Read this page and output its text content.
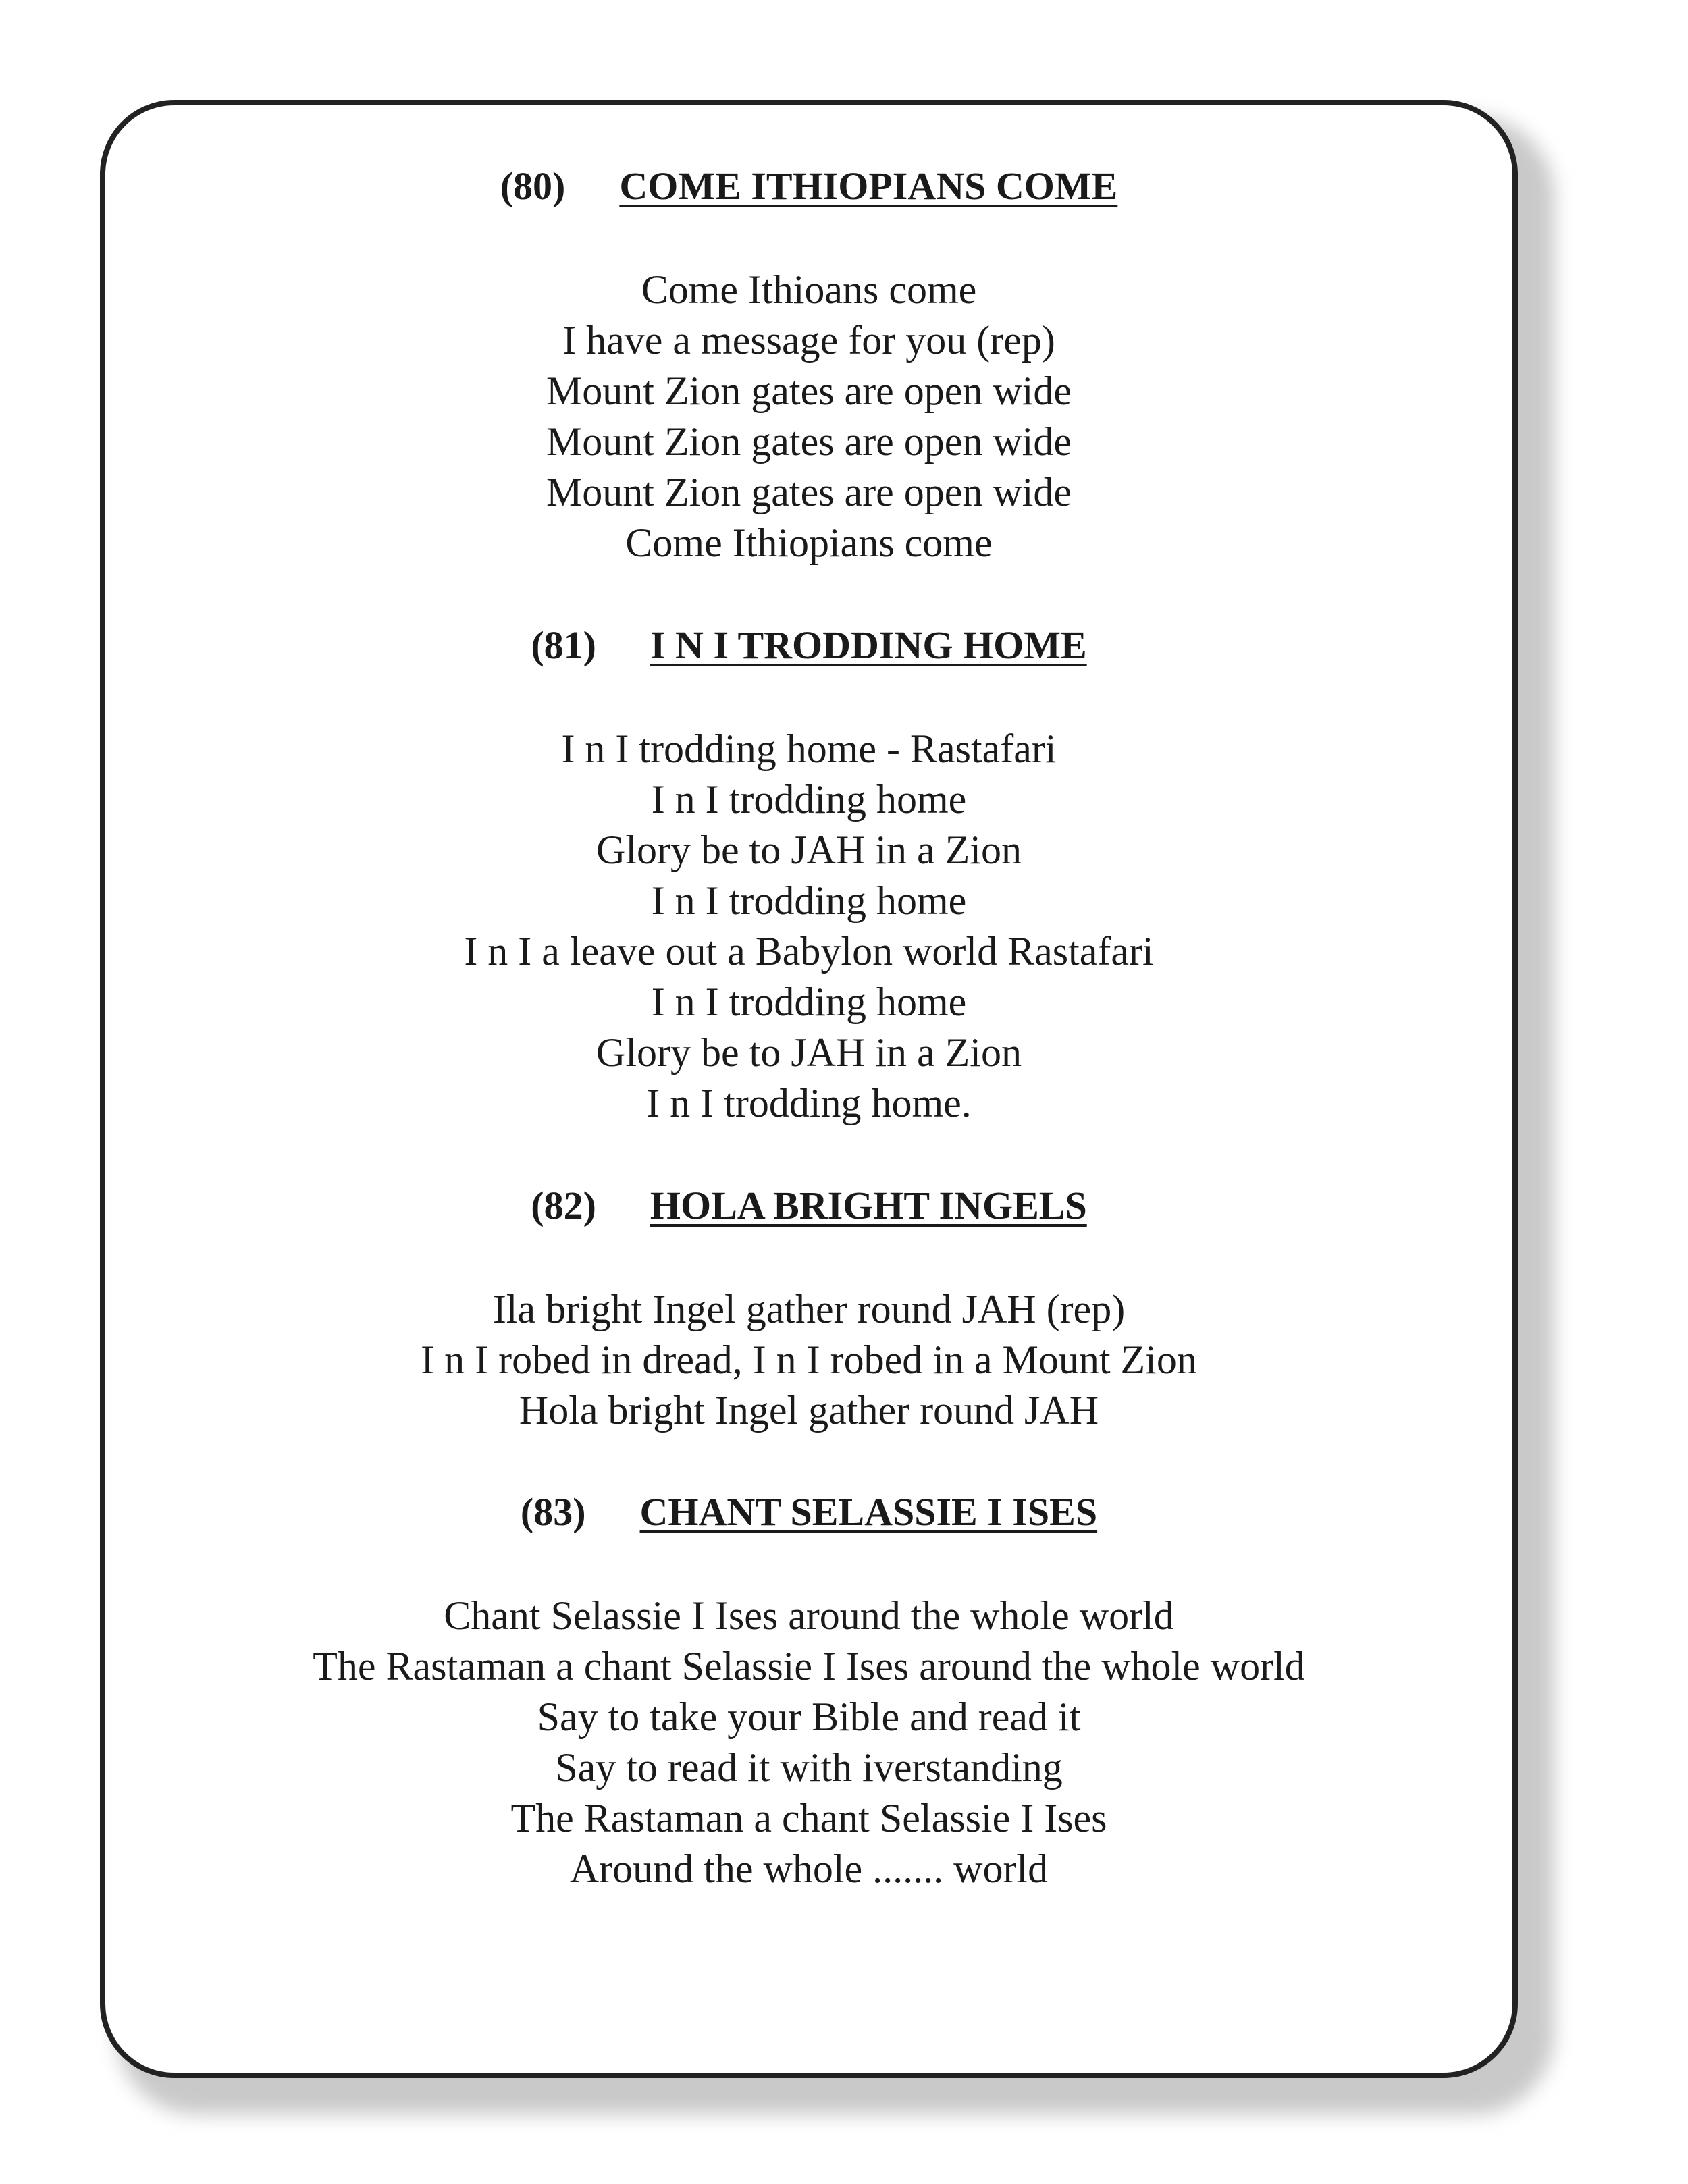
(80) COME ITHIOPIANS COME
Come Ithioans come
I have a message for you (rep)
Mount Zion gates are open wide
Mount Zion gates are open wide
Mount Zion gates are open wide
Come Ithiopians come
(81) I N I TRODDING HOME
I n I trodding home - Rastafari
I n I trodding home
Glory be to JAH in a Zion
I n I trodding home
I n I a leave out a Babylon world Rastafari
I n I trodding home
Glory be to JAH in a Zion
I n I trodding home.
(82) HOLA BRIGHT INGELS
Ila bright Ingel gather round JAH (rep)
I n I robed in dread, I n I robed in a Mount Zion
Hola bright Ingel gather round JAH
(83) CHANT SELASSIE I ISES
Chant Selassie I Ises around the whole world
The Rastaman a chant Selassie I Ises around the whole world
Say to take your Bible and read it
Say to read it with iverstanding
The Rastaman a chant Selassie I Ises
Around the whole ....... world
